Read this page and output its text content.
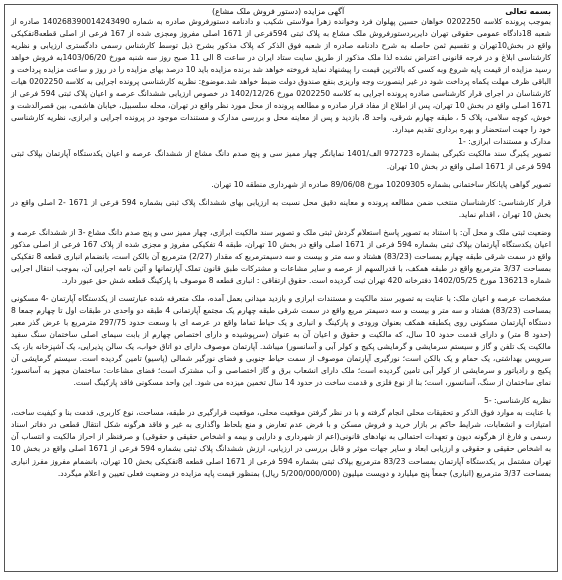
بسمه تعالی
آگهی مزایده (دستور فروش ملک مشاع)

بموجب پرونده کلاسه 0202250 خواهان حسین پهلوان فرد وخوانده زهرا مولاستی شکیب و دادنامه دستورفروش صادره به شماره 140268390014243490 صادره از شعبه 18دادگاه عمومی حقوقی تهران دایربردستورفروش ملک مشاع به پلاک ثبتی 594فرعی از 1671 اصلی مفروز ومجزی شده از 167 فرعی از اصلی قطعه8تفکیکی واقع در بخش10تهران و تقسیم ثمن حاصله به شرح دادنامه صادره از شعبه فوق الذکر که پلاک مذکور بشرح ذیل توسط کارشناس رسمی دادگستری ارزیابی و نظریه کارشناسی ابلاغ و در فرجه قانونی اعتراض نشده لذا ملک مذکور از طریق سایت ستاد ایران در ساعت 8 الی 11 صبح روز سه شنبه مورخ 1403/06/20به فروش خواهد رسید مزایده از قیمت پایه شروع وبه کسی که بالاترین قیمت را پیشنهاد نماید فروخته خواهد شد برنده مزایده باید 10 درصد بهای مزایده را در روز و ساعت مزایده پرداخت و الباقی ظرف مهلت یکماه پرداخت شود در غیر اینصورت وجه واریزی بنفع صندوق دولت ضبط خواهد شد.موضوع: نظریه کارشناسی پرونده اجرایی به کلاسه 0202250 هیات کارشناسان در اجرای قرار کارشناسی صادره پرونده اجرایی به کلاسه 0202250 مورخ 1402/12/26 در خصوص ارزیابی ششدانگ عرصه و اعیان پلاک ثبتی 594 فرعی از 1671 اصلی واقع در بخش 10 تهران، پس از اطلاع از مفاد قرار صادره و مطالعه پرونده از محل مورد نظر واقع در تهران، محله سلسبیل، خیابان هاشمی، بین قصرالدشت و خوش، کوچه سلامی، پلاک 5 ، طبقه چهارم شرقی، واحد 8، بازدید و پس از معاینه محل و بررسی مدارک و مستندات موجود در پرونده اجرایی و ابرازی، نظریه کارشناسی خود را جهت استحضار و بهره برداری تقدیم میدارد.

مدارک و مستندات ابرازی: -1

تصویر یکبرگ سند مالکیت تکبرگی بشماره 972723 الف/1401 نمایانگر چهار ممیز سی و پنج صدم دانگ مشاع از ششدانگ عرصه و اعیان یکدستگاه آپارتمان بپلاک ثبتی 594 فرعی از 1671 اصلی واقع در بخش 10 تهران.

تصویر گواهی پایانکار ساختمانی بشماره 10209305 مورخ 89/06/08 صادره از شهرداری منطقه 10 تهران.

قرار کارشناسی: کارشناسان منتخب ضمن مطالعه پرونده و معاینه دقیق محل نسبت به ارزیابی بهای ششدانگ پلاک ثبتی بشماره 594 فرعی از 1671 -2 اصلی واقع در بخش 10 تهران ، اقدام نماید.

وضعیت ثبتی ملک و محل آن: با استناد به تصویر پاسخ استعلام گردش ثبتی ملک و تصویر سند مالکیت ابرازی، چهار ممیز سی و پنج صدم دانگ مشاع -3 از ششدانگ عرصه و اعیان یکدستگاه آپارتمان بپلاک ثبتی بشماره 594 فرعی از 1671 اصلی واقع در بخش 10 تهران، طبقه 4 تفکیکی مفروز و مجزی شده از پلاک 167 فرعی از اصلی مذکور واقع در سمت شرقی طبقه چهارم بمساحت (83/23) هشتاد و سه متر و بیست و سه دسیمترمربع که مقدار (2/27) مترمربع آن بالکن است، بانضمام انباری قطعه 8 تفکیکی بمساحت 3/37 مترمربع واقع در طبقه همکف، با قدرالسهم از عرصه و سایر مشاعات و مشترکات طبق قانون تملک آپارتمانها و آئین نامه اجرایی آن، بموجب انتقال اجرایی شماره 136213 مورخ 1402/05/25 دفترخانه 420 تهران ثبت گردیده است. حقوق ارتفاقی : انباری قطعه 8 موصوف با پارکینگ قطعه شش حق عبور دارد.

مشخصات عرصه و اعیان ملک: با عنایت به تصویر سند مالکیت و مستندات ابرازی و بازدید میدانی بعمل آمده، ملک متعرفه شده عبارتست از یکدستگاه آپارتمان -4 مسکونی بمساحت (83/23) هشتاد و سه متر و بیست و سه دسیمتر مربع واقع در سمت شرقی طبقه چهارم یک مجتمع آپارتمانی 4 طبقه دو واحدی در طبقات اول تا چهارم جمعا 8 دستگاه آپارتمان مسکونی روی یکطبقه همکف بعنوان ورودی و پارکینگ و انباری و یک حیاط تماما واقع در عرصه ای با وسعت حدود 297/75 مترمربع با عرض گذر معبر (حدود 8 متر) و دارای قدمت حدود 10 سال، که مالکیت و حقوق و اعیان آن به عنوان (سرپوشیده و دارای اختصاص چهارم از بابت سیمای اصلی ساختمان سنگ سفید مالکیت یک تلفن و گاز و سیستم سرمایشی و گرمایشی پکیج و کولر آبی و آسانسور) میباشد. آپارتمان موصوف دارای دو اتاق خواب، یک سالن پذیرایی، یک آشپزخانه باز، یک سرویس بهداشتی، یک حمام و یک بالکن است؛ نورگیری آپارتمان موصوف از سمت حیاط جنوبی و فضای نورگیر شمالی (پاسیو) تامین گردیده است. سیستم گرمایشی آن پکیج و رادیاتور و سرمایشی از کولر آبی تامین گردیده است؛ ملک دارای انشعاب برق و گاز اختصاصی و آب مشترک است؛ فضای مشاعات: ساختمان مجهز به آسانسور؛ نمای ساختمان از سنگ، آسانسور، است؛ بنا از نوع فلزی و قدمت ساخت در حدود 14 سال تخمین میزده می شود. این واحد مسکونی فاقد پارکینگ است.

نظریه کارشناسی: -5

با عنایت به موارد فوق الذکر و تحقیقات محلی انجام گرفته و با در نظر گرفتن موقعیت محلی، موقعیت قرارگیری در طبقه، مساحت، نوع کاربری، قدمت بنا و کیفیت ساخت، امتیازات و انشعابات، شرایط حاکم بر بازار خرید و فروش مسکن و با فرض عدم تعارض و منع بلحاظ واگذاری به غیر و فاقد هرگونه شکل انتقال قطعی در دفاتر اسناد رسمی و فارغ از هرگونه دیون و تعهدات احتمالی به نهادهای قانونی(اعم از شهرداری و دارایی و بیمه و اشخاص حقیقی و حقوقی) و صرفنظر از احراز مالکیت و انتساب آن به اشخاص حقیقی و حقوقی و ارزیابی ابعاد و سایر جهات موثر و قابل بررسی در ارزیابی، ارزش ششدانگ پلاک ثبتی بشماره 594 فرعی از 1671 اصلی واقع در بخش 10 تهران مشتمل بر یکدستگاه آپارتمان بمساحت 83/23 مترمربع بپلاک ثبتی بشماره 594 فرعی از 1671 اصلی قطعه 8تفکیکی بخش 10 تهران، بانضمام مفروز مفرز انباری بمساحت 3/37 مترمربع (انباری) جمعاً پنج میلیارد و دویست میلیون (5/200/000/000 ریال) بمنظور قیمت پایه مزایده در وضعیت فعلی تعیین و اعلام میگردد.
